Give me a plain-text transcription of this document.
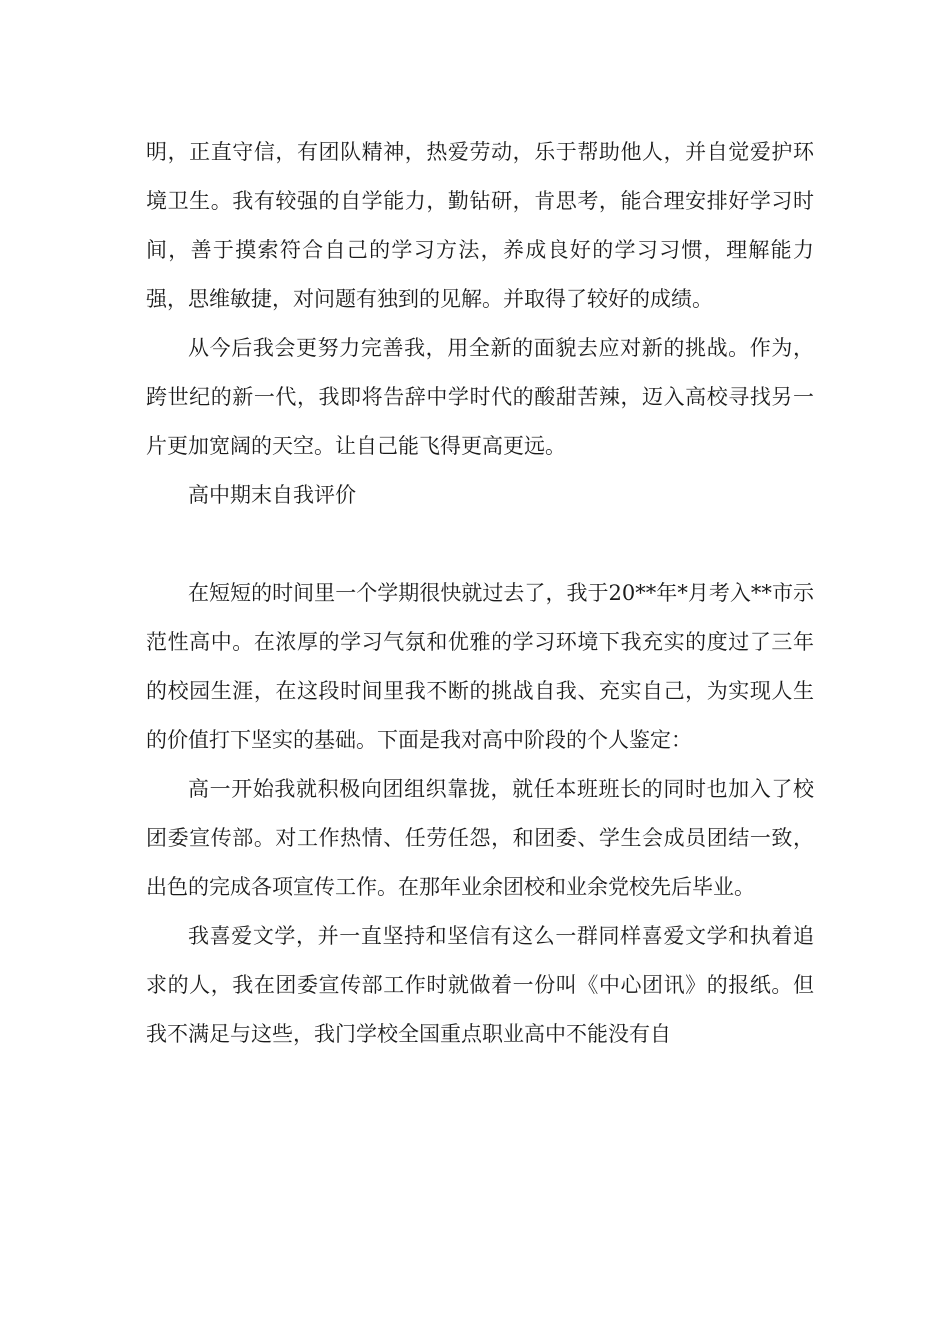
明，正直守信，有团队精神，热爱劳动，乐于帮助他人，并自觉爱护环境卫生。我有较强的自学能力，勤钻研，肯思考，能合理安排好学习时间，善于摸索符合自己的学习方法，养成良好的学习习惯，理解能力强，思维敏捷，对问题有独到的见解。并取得了较好的成绩。

从今后我会更努力完善我，用全新的面貌去应对新的挑战。作为，跨世纪的新一代，我即将告辞中学时代的酸甜苦辣，迈入高校寻找另一片更加宽阔的天空。让自己能飞得更高更远。

高中期末自我评价

在短短的时间里一个学期很快就过去了，我于20**年*月考入**市示范性高中。在浓厚的学习气氛和优雅的学习环境下我充实的度过了三年的校园生涯，在这段时间里我不断的挑战自我、充实自己，为实现人生的价值打下坚实的基础。下面是我对高中阶段的个人鉴定：

高一开始我就积极向团组织靠拢，就任本班班长的同时也加入了校团委宣传部。对工作热情、任劳任怨，和团委、学生会成员团结一致，出色的完成各项宣传工作。在那年业余团校和业余党校先后毕业。

我喜爱文学，并一直坚持和坚信有这么一群同样喜爱文学和执着追求的人，我在团委宣传部工作时就做着一份叫《中心团讯》的报纸。但我不满足与这些，我门学校全国重点职业高中不能没有自
